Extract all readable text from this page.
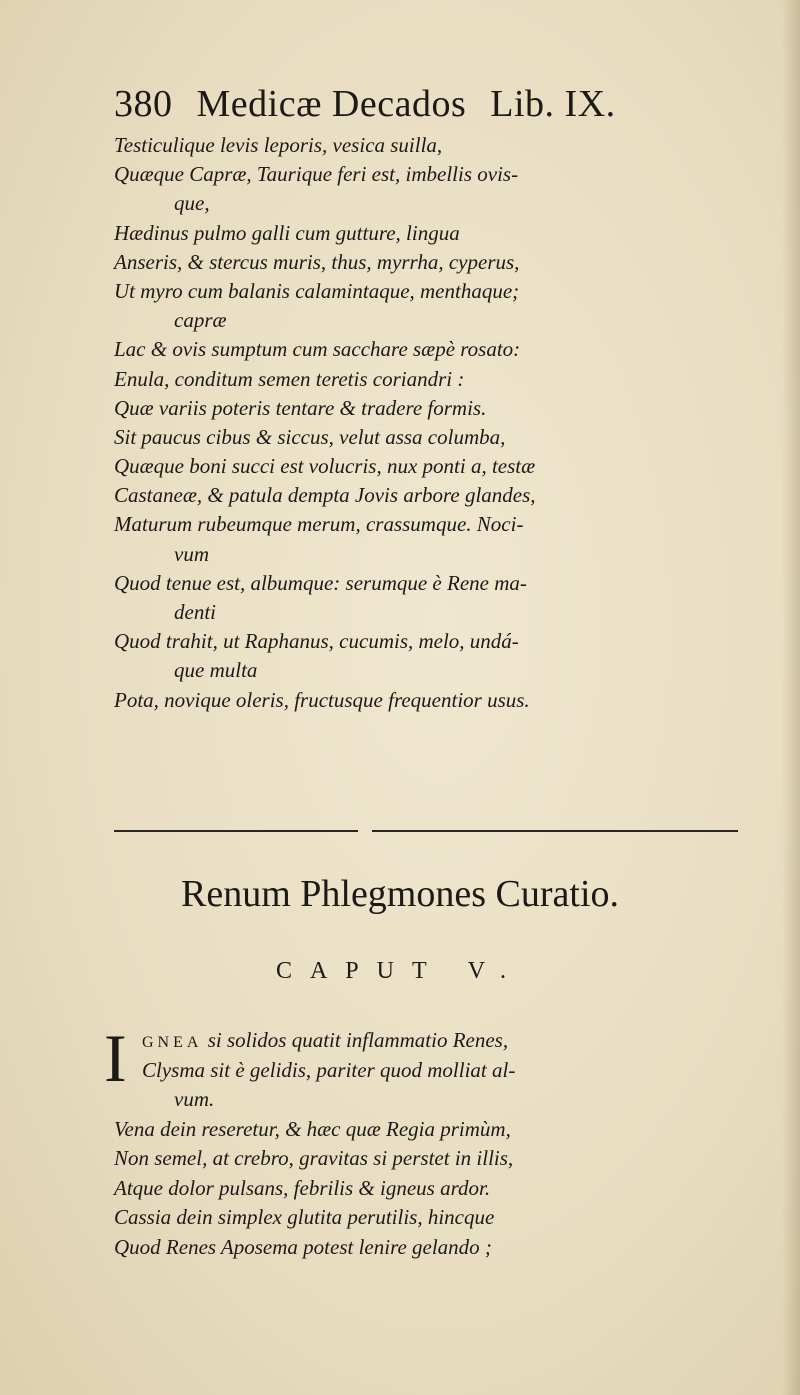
380 Medicæ Decados Lib. IX.
Testiculique levis leporis, vesica suilla,
Quæque Capræ, Taurique feri est, imbellis ovis-
que,
Hædinus pulmo galli cum gutture, lingua
Anseris, & stercus muris, thus, myrrha, cyperus,
Ut myro cum balanis calamintaque, menthaque;
capræ
Lac & ovis sumptum cum sacchare sæpè rosato:
Enula, conditum semen teretis coriandri :
Quæ variis poteris tentare & tradere formis.
Sit paucus cibus & siccus, velut assa columba,
Quæque boni succi est volucris, nux ponti a, testæ
Castaneæ, & patula dempta Jovis arbore glandes,
Maturum rubeumque merum, crassumque. Noci-
vum
Quod tenue est, albumque: serumque è Rene ma-
denti
Quod trahit, ut Raphanus, cucumis, melo, undá-
que multa
Pota, novique oleris, fructusque frequentior usus.
Renum Phlegmones Curatio.
CAPUT V.
I GNEA si solidos quatit inflammatio Renes,
Clysma sit è gelidis, pariter quod molliat al-
vum.
Vena dein reseretur, & hæc quæ Regia primùm,
Non semel, at crebro, gravitas si perstet in illis,
Atque dolor pulsans, febrilis & igneus ardor.
Cassia dein simplex glutita perutilis, hincque
Quod Renes Aposema potest lenire gelando ;
